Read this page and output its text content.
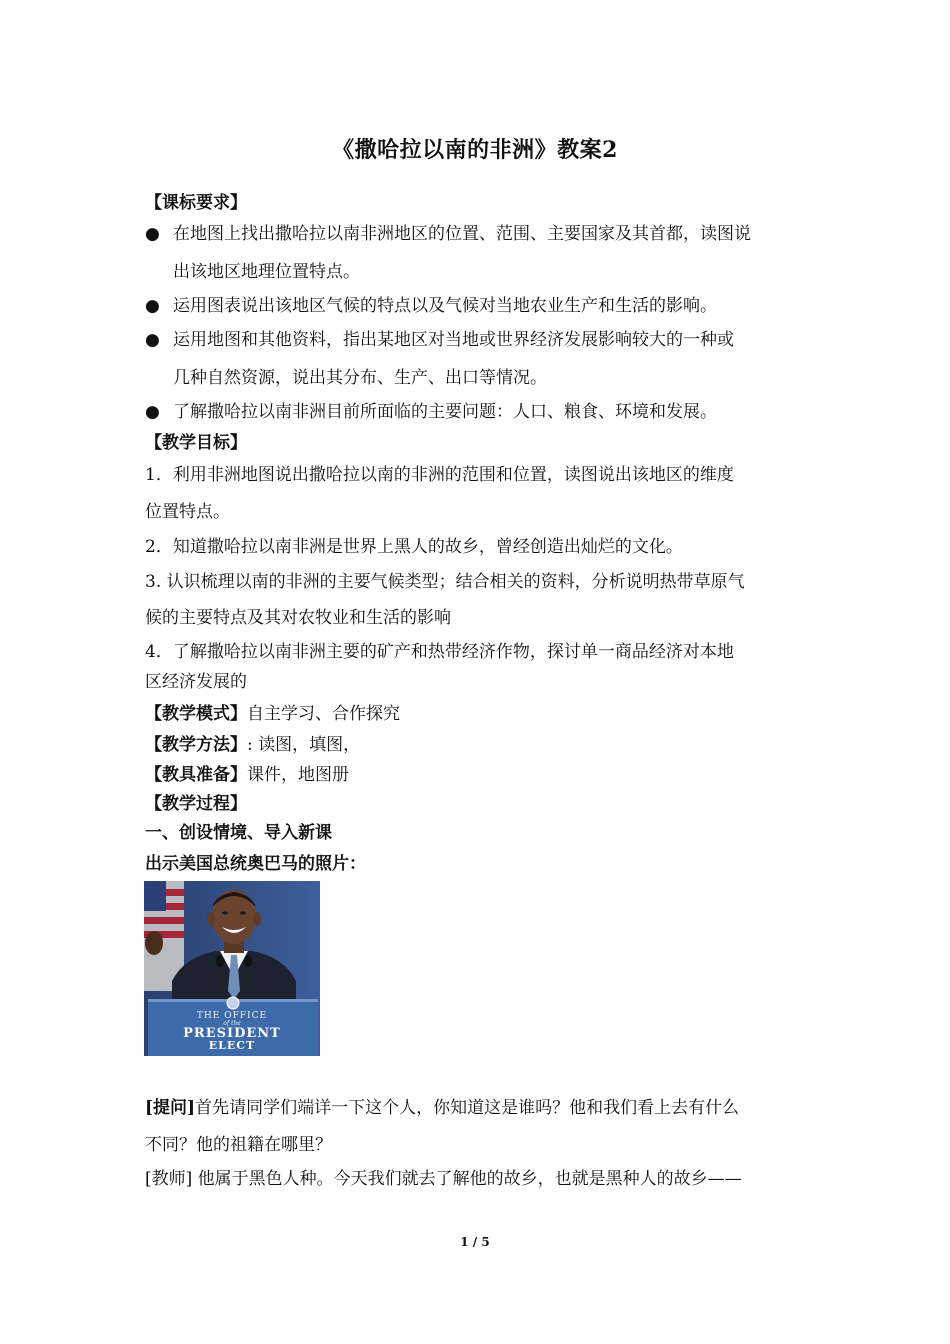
《撒哈拉以南的非洲》教案2
【课标要求】
● 在地图上找出撒哈拉以南非洲地区的位置、范围、主要国家及其首都，读图说
出该地区地理位置特点。
● 运用图表说出该地区气候的特点以及气候对当地农业生产和生活的影响。
● 运用地图和其他资料，指出某地区对当地或世界经济发展影响较大的一种或
几种自然资源，说出其分布、生产、出口等情况。
● 了解撒哈拉以南非洲目前所面临的主要问题：人口、粮食、环境和发展。
【教学目标】
1．利用非洲地图说出撒哈拉以南的非洲的范围和位置，读图说出该地区的维度
位置特点。
2．知道撒哈拉以南非洲是世界上黑人的故乡，曾经创造出灿烂的文化。
3. 认识梳理以南的非洲的主要气候类型；结合相关的资料，分析说明热带草原气
候的主要特点及其对农牧业和生活的影响
4．了解撒哈拉以南非洲主要的矿产和热带经济作物，探讨单一商品经济对本地
区经济发展的
【教学模式】自主学习、合作探究
【教学方法】: 读图，填图，
【教具准备】课件，地图册
【教学过程】
一、创设情境、导入新课
出示美国总统奥巴马的照片：
THE OFFICE
of the
PRESIDENT
ELECT
[提问]首先请同学们端详一下这个人，你知道这是谁吗？他和我们看上去有什么
不同？他的祖籍在哪里？
[教师] 他属于黑色人种。今天我们就去了解他的故乡，也就是黑种人的故乡——
1 / 5
